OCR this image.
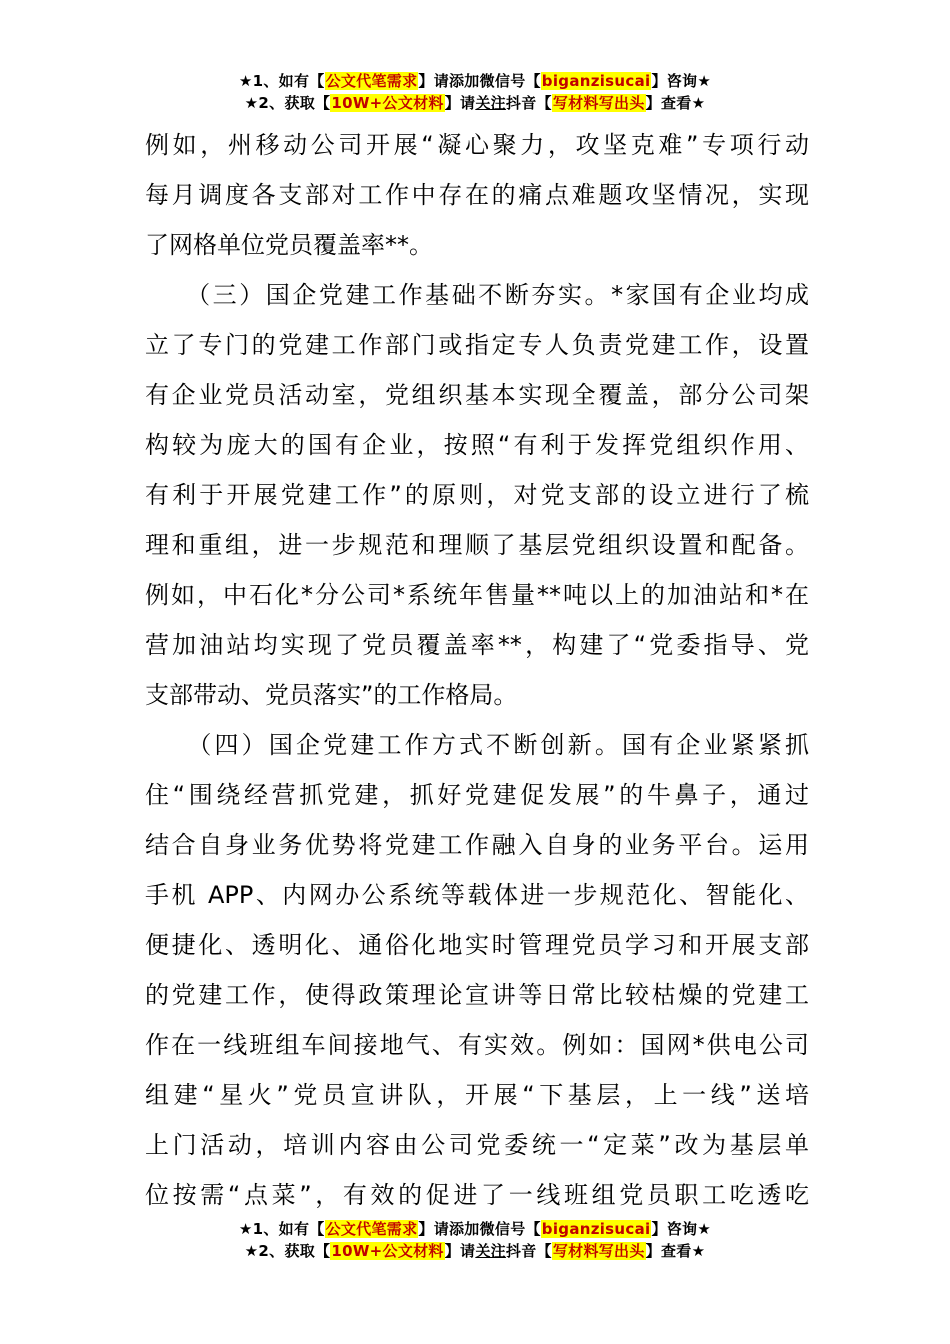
★1、如有【公文代笔需求】请添加微信号【biganzisucai】咨询★
★2、获取【10W+公文材料】请关注抖音【写材料写出头】查看★
例如，州移动公司开展“凝心聚力，攻坚克难”专项行动
每月调度各支部对工作中存在的痛点难题攻坚情况，实现
了网格单位党员覆盖率**。
　　（三）国企党建工作基础不断夯实。*家国有企业均成
立了专门的党建工作部门或指定专人负责党建工作，设置
有企业党员活动室，党组织基本实现全覆盖，部分公司架
构较为庞大的国有企业，按照“有利于发挥党组织作用、
有利于开展党建工作”的原则，对党支部的设立进行了梳
理和重组，进一步规范和理顺了基层党组织设置和配备。
例如，中石化*分公司*系统年售量**吨以上的加油站和*在
营加油站均实现了党员覆盖率**，构建了“党委指导、党
支部带动、党员落实”的工作格局。
　　（四）国企党建工作方式不断创新。国有企业紧紧抓
住“围绕经营抓党建，抓好党建促发展”的牛鼻子，通过
结合自身业务优势将党建工作融入自身的业务平台。运用
手机 APP、内网办公系统等载体进一步规范化、智能化、
便捷化、透明化、通俗化地实时管理党员学习和开展支部
的党建工作，使得政策理论宣讲等日常比较枯燥的党建工
作在一线班组车间接地气、有实效。例如：国网*供电公司
组建“星火”党员宣讲队，开展“下基层，上一线”送培
上门活动，培训内容由公司党委统一“定菜”改为基层单
位按需“点菜”，有效的促进了一线班组党员职工吃透吃
★1、如有【公文代笔需求】请添加微信号【biganzisucai】咨询★
★2、获取【10W+公文材料】请关注抖音【写材料写出头】查看★
